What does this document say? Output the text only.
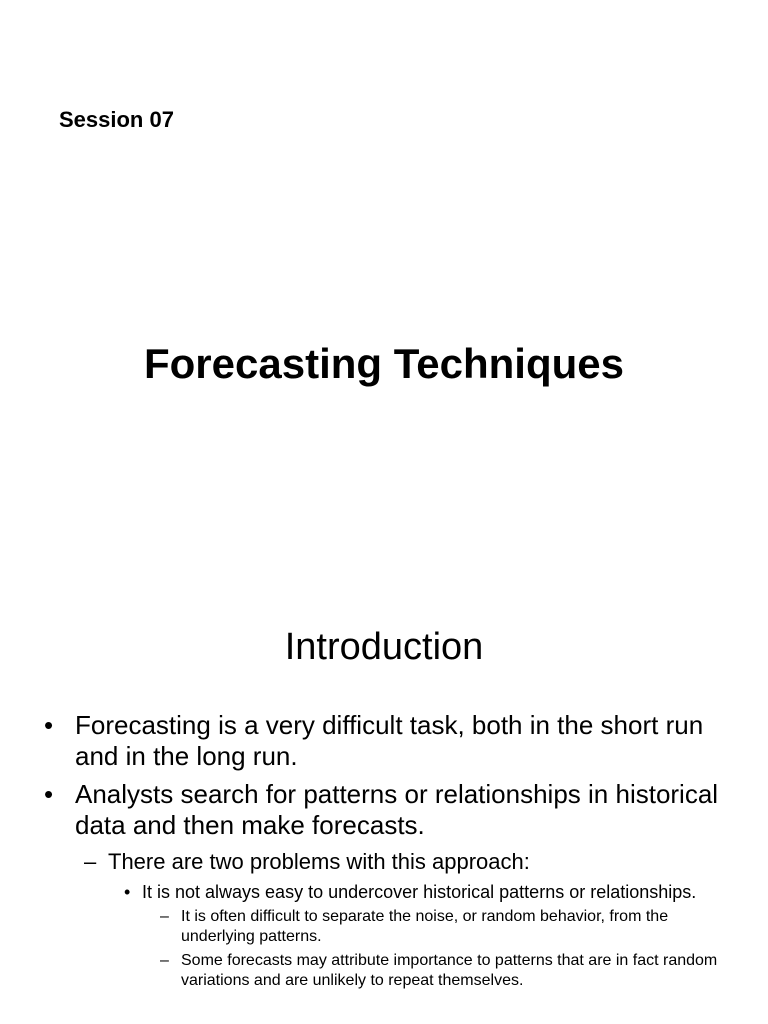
Session 07
Forecasting Techniques
Introduction
• Forecasting is a very difficult task, both in the short run and in the long run.
• Analysts search for patterns or relationships in historical data and then make forecasts.
– There are two problems with this approach:
• It is not always easy to undercover historical patterns or relationships.
– It is often difficult to separate the noise, or random behavior, from the underlying patterns.
– Some forecasts may attribute importance to patterns that are in fact random variations and are unlikely to repeat themselves.
